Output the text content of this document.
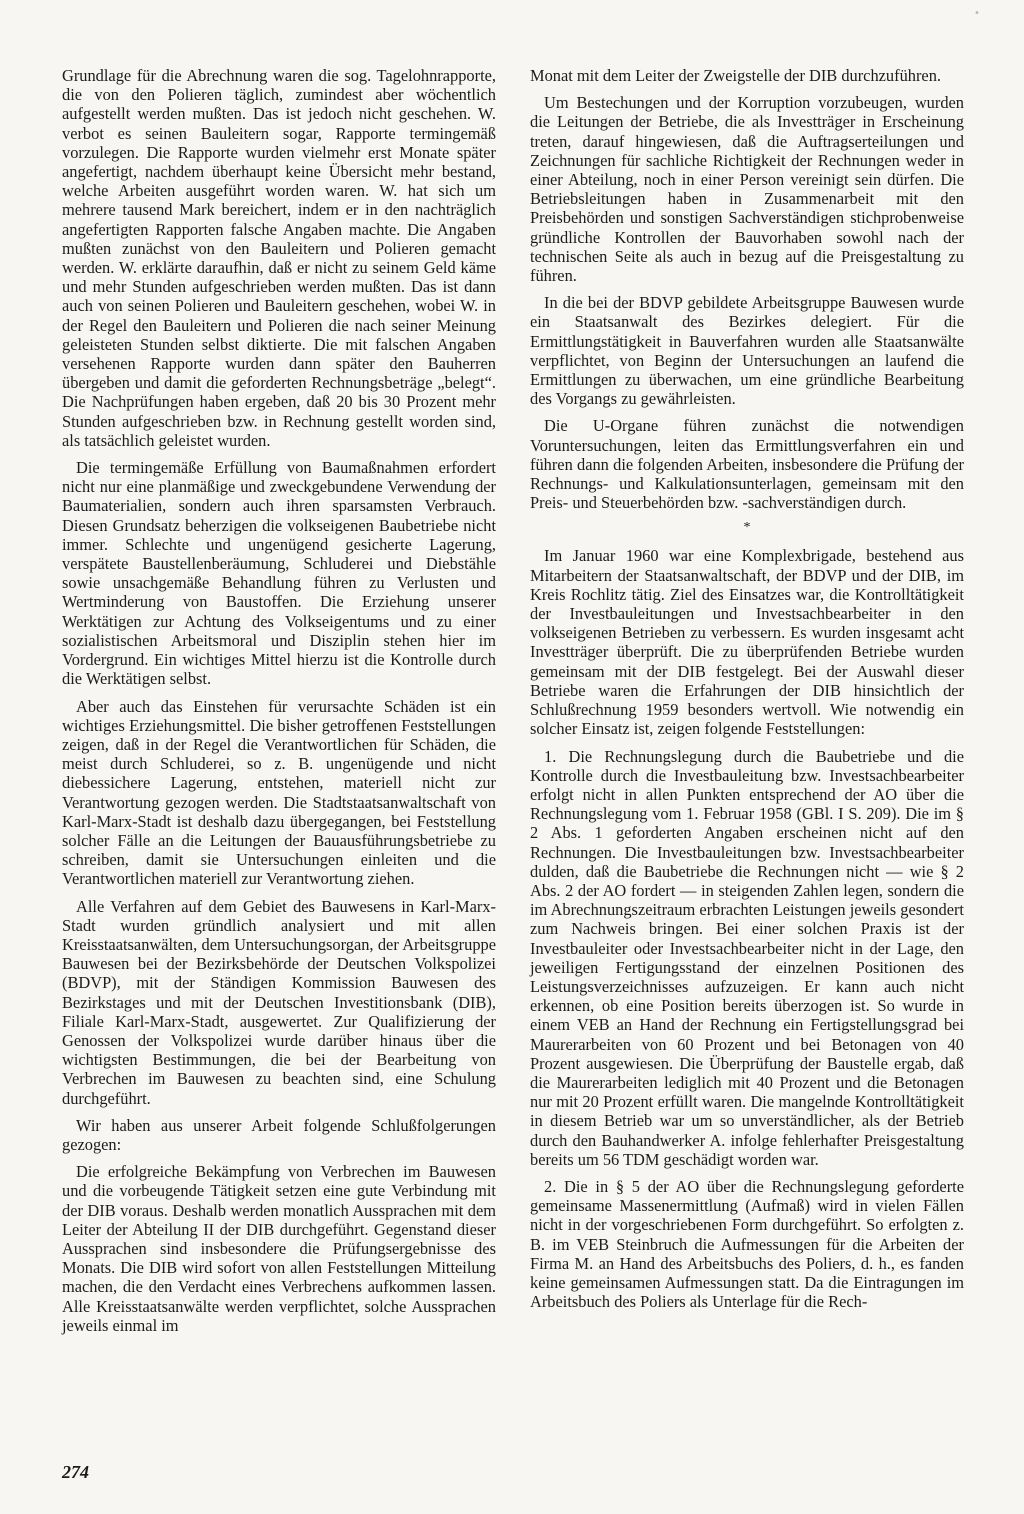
•

Grundlage für die Abrechnung waren die sog. Tagelohnrapporte, die von den Polieren täglich, zumindest aber wöchentlich aufgestellt werden mußten. Das ist jedoch nicht geschehen. W. verbot es seinen Bauleitern sogar, Rapporte termingemäß vorzulegen. Die Rapporte wurden vielmehr erst Monate später angefertigt, nachdem überhaupt keine Übersicht mehr bestand, welche Arbeiten ausgeführt worden waren. W. hat sich um mehrere tausend Mark bereichert, indem er in den nachträglich angefertigten Rapporten falsche Angaben machte. Die Angaben mußten zunächst von den Bauleitern und Polieren gemacht werden. W. erklärte daraufhin, daß er nicht zu seinem Geld käme und mehr Stunden aufgeschrieben werden mußten. Das ist dann auch von seinen Polieren und Bauleitern geschehen, wobei W. in der Regel den Bauleitern und Polieren die nach seiner Meinung geleisteten Stunden selbst diktierte. Die mit falschen Angaben versehenen Rapporte wurden dann später den Bauherren übergeben und damit die geforderten Rechnungsbeträge „belegt“. Die Nachprüfungen haben ergeben, daß 20 bis 30 Prozent mehr Stunden aufgeschrieben bzw. in Rechnung gestellt worden sind, als tatsächlich geleistet wurden.

Die termingemäße Erfüllung von Baumaßnahmen erfordert nicht nur eine planmäßige und zweckgebundene Verwendung der Baumaterialien, sondern auch ihren sparsamsten Verbrauch. Diesen Grundsatz beherzigen die volkseigenen Baubetriebe nicht immer. Schlechte und ungenügend gesicherte Lagerung, verspätete Baustellenberäumung, Schluderei und Diebstähle sowie unsachgemäße Behandlung führen zu Verlusten und Wertminderung von Baustoffen. Die Erziehung unserer Werktätigen zur Achtung des Volkseigentums und zu einer sozialistischen Arbeitsmoral und Disziplin stehen hier im Vordergrund. Ein wichtiges Mittel hierzu ist die Kontrolle durch die Werktätigen selbst.

Aber auch das Einstehen für verursachte Schäden ist ein wichtiges Erziehungsmittel. Die bisher getroffenen Feststellungen zeigen, daß in der Regel die Verantwortlichen für Schäden, die meist durch Schluderei, so z. B. ungenügende und nicht diebessichere Lagerung, entstehen, materiell nicht zur Verantwortung gezogen werden. Die Stadtstaatsanwaltschaft von Karl-Marx-Stadt ist deshalb dazu übergegangen, bei Feststellung solcher Fälle an die Leitungen der Bauausführungsbetriebe zu schreiben, damit sie Untersuchungen einleiten und die Verantwortlichen materiell zur Verantwortung ziehen.

Alle Verfahren auf dem Gebiet des Bauwesens in Karl-Marx-Stadt wurden gründlich analysiert und mit allen Kreisstaatsanwälten, dem Untersuchungsorgan, der Arbeitsgruppe Bauwesen bei der Bezirksbehörde der Deutschen Volkspolizei (BDVP), mit der Ständigen Kommission Bauwesen des Bezirkstages und mit der Deutschen Investitionsbank (DIB), Filiale Karl-Marx-Stadt, ausgewertet. Zur Qualifizierung der Genossen der Volkspolizei wurde darüber hinaus über die wichtigsten Bestimmungen, die bei der Bearbeitung von Verbrechen im Bauwesen zu beachten sind, eine Schulung durchgeführt.

Wir haben aus unserer Arbeit folgende Schlußfolgerungen gezogen:

Die erfolgreiche Bekämpfung von Verbrechen im Bauwesen und die vorbeugende Tätigkeit setzen eine gute Verbindung mit der DIB voraus. Deshalb werden monatlich Aussprachen mit dem Leiter der Abteilung II der DIB durchgeführt. Gegenstand dieser Aussprachen sind insbesondere die Prüfungsergebnisse des Monats. Die DIB wird sofort von allen Feststellungen Mitteilung machen, die den Verdacht eines Verbrechens aufkommen lassen. Alle Kreisstaatsanwälte werden verpflichtet, solche Aussprachen jeweils einmal im

Monat mit dem Leiter der Zweigstelle der DIB durchzuführen.

Um Bestechungen und der Korruption vorzubeugen, wurden die Leitungen der Betriebe, die als Investträger in Erscheinung treten, darauf hingewiesen, daß die Auftragserteilungen und Zeichnungen für sachliche Richtigkeit der Rechnungen weder in einer Abteilung, noch in einer Person vereinigt sein dürfen. Die Betriebsleitungen haben in Zusammenarbeit mit den Preisbehörden und sonstigen Sachverständigen stichprobenweise gründliche Kontrollen der Bauvorhaben sowohl nach der technischen Seite als auch in bezug auf die Preisgestaltung zu führen.

In die bei der BDVP gebildete Arbeitsgruppe Bauwesen wurde ein Staatsanwalt des Bezirkes delegiert. Für die Ermittlungstätigkeit in Bauverfahren wurden alle Staatsanwälte verpflichtet, von Beginn der Untersuchungen an laufend die Ermittlungen zu überwachen, um eine gründliche Bearbeitung des Vorgangs zu gewährleisten.

Die U-Organe führen zunächst die notwendigen Voruntersuchungen, leiten das Ermittlungsverfahren ein und führen dann die folgenden Arbeiten, insbesondere die Prüfung der Rechnungs- und Kalkulationsunterlagen, gemeinsam mit den Preis- und Steuerbehörden bzw. -sachverständigen durch.

*

Im Januar 1960 war eine Komplexbrigade, bestehend aus Mitarbeitern der Staatsanwaltschaft, der BDVP und der DIB, im Kreis Rochlitz tätig. Ziel des Einsatzes war, die Kontrolltätigkeit der Investbauleitungen und Investsachbearbeiter in den volkseigenen Betrieben zu verbessern. Es wurden insgesamt acht Investträger überprüft. Die zu überprüfenden Betriebe wurden gemeinsam mit der DIB festgelegt. Bei der Auswahl dieser Betriebe waren die Erfahrungen der DIB hinsichtlich der Schlußrechnung 1959 besonders wertvoll. Wie notwendig ein solcher Einsatz ist, zeigen folgende Feststellungen:

1. Die Rechnungslegung durch die Baubetriebe und die Kontrolle durch die Investbauleitung bzw. Investsachbearbeiter erfolgt nicht in allen Punkten entsprechend der AO über die Rechnungslegung vom 1. Februar 1958 (GBl. I S. 209). Die im § 2 Abs. 1 geforderten Angaben erscheinen nicht auf den Rechnungen. Die Investbauleitungen bzw. Investsachbearbeiter dulden, daß die Baubetriebe die Rechnungen nicht — wie § 2 Abs. 2 der AO fordert — in steigenden Zahlen legen, sondern die im Abrechnungszeitraum erbrachten Leistungen jeweils gesondert zum Nachweis bringen. Bei einer solchen Praxis ist der Investbauleiter oder Investsachbearbeiter nicht in der Lage, den jeweiligen Fertigungsstand der einzelnen Positionen des Leistungsverzeichnisses aufzuzeigen. Er kann auch nicht erkennen, ob eine Position bereits überzogen ist. So wurde in einem VEB an Hand der Rechnung ein Fertigstellungsgrad bei Maurerarbeiten von 60 Prozent und bei Betonagen von 40 Prozent ausgewiesen. Die Überprüfung der Baustelle ergab, daß die Maurerarbeiten lediglich mit 40 Prozent und die Betonagen nur mit 20 Prozent erfüllt waren. Die mangelnde Kontrolltätigkeit in diesem Betrieb war um so unverständlicher, als der Betrieb durch den Bauhandwerker A. infolge fehlerhafter Preisgestaltung bereits um 56 TDM geschädigt worden war.

2. Die in § 5 der AO über die Rechnungslegung geforderte gemeinsame Massenermittlung (Aufmaß) wird in vielen Fällen nicht in der vorgeschriebenen Form durchgeführt. So erfolgten z. B. im VEB Steinbruch die Aufmessungen für die Arbeiten der Firma M. an Hand des Arbeitsbuchs des Poliers, d. h., es fanden keine gemeinsamen Aufmessungen statt. Da die Eintragungen im Arbeitsbuch des Poliers als Unterlage für die Rech-

274
